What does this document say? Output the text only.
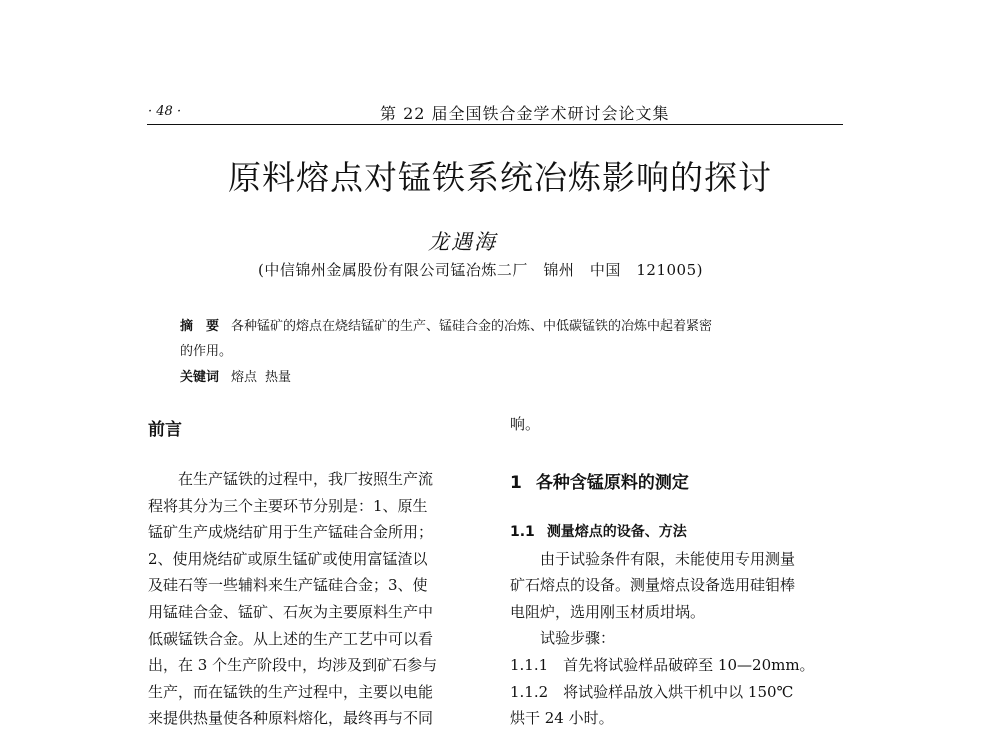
· 48 ·	第 22 届全国铁合金学术研讨会论文集
原料熔点对锰铁系统冶炼影响的探讨
龙遇海
(中信锦州金属股份有限公司锰冶炼二厂　锦州　中国　121005)
摘　要 各种锰矿的熔点在烧结锰矿的生产、锰硅合金的冶炼、中低碳锰铁的冶炼中起着紧密
的作用。
关键词 熔点 热量
前言
在生产锰铁的过程中，我厂按照生产流
程将其分为三个主要环节分别是：1、原生
锰矿生产成烧结矿用于生产锰硅合金所用；
2、使用烧结矿或原生锰矿或使用富锰渣以
及硅石等一些辅料来生产锰硅合金；3、使
用锰硅合金、锰矿、石灰为主要原料生产中
低碳锰铁合金。从上述的生产工艺中可以看
出，在 3 个生产阶段中，均涉及到矿石参与
生产，而在锰铁的生产过程中，主要以电能
来提供热量使各种原料熔化，最终再与不同
响。
1 各种含锰原料的测定
1.1 测量熔点的设备、方法
由于试验条件有限，未能使用专用测量
矿石熔点的设备。测量熔点设备选用硅钼棒
电阻炉，选用刚玉材质坩埚。
试验步骤：
1.1.1　首先将试验样品破碎至 10—20mm。
1.1.2　将试验样品放入烘干机中以 150℃
烘干 24 小时。
